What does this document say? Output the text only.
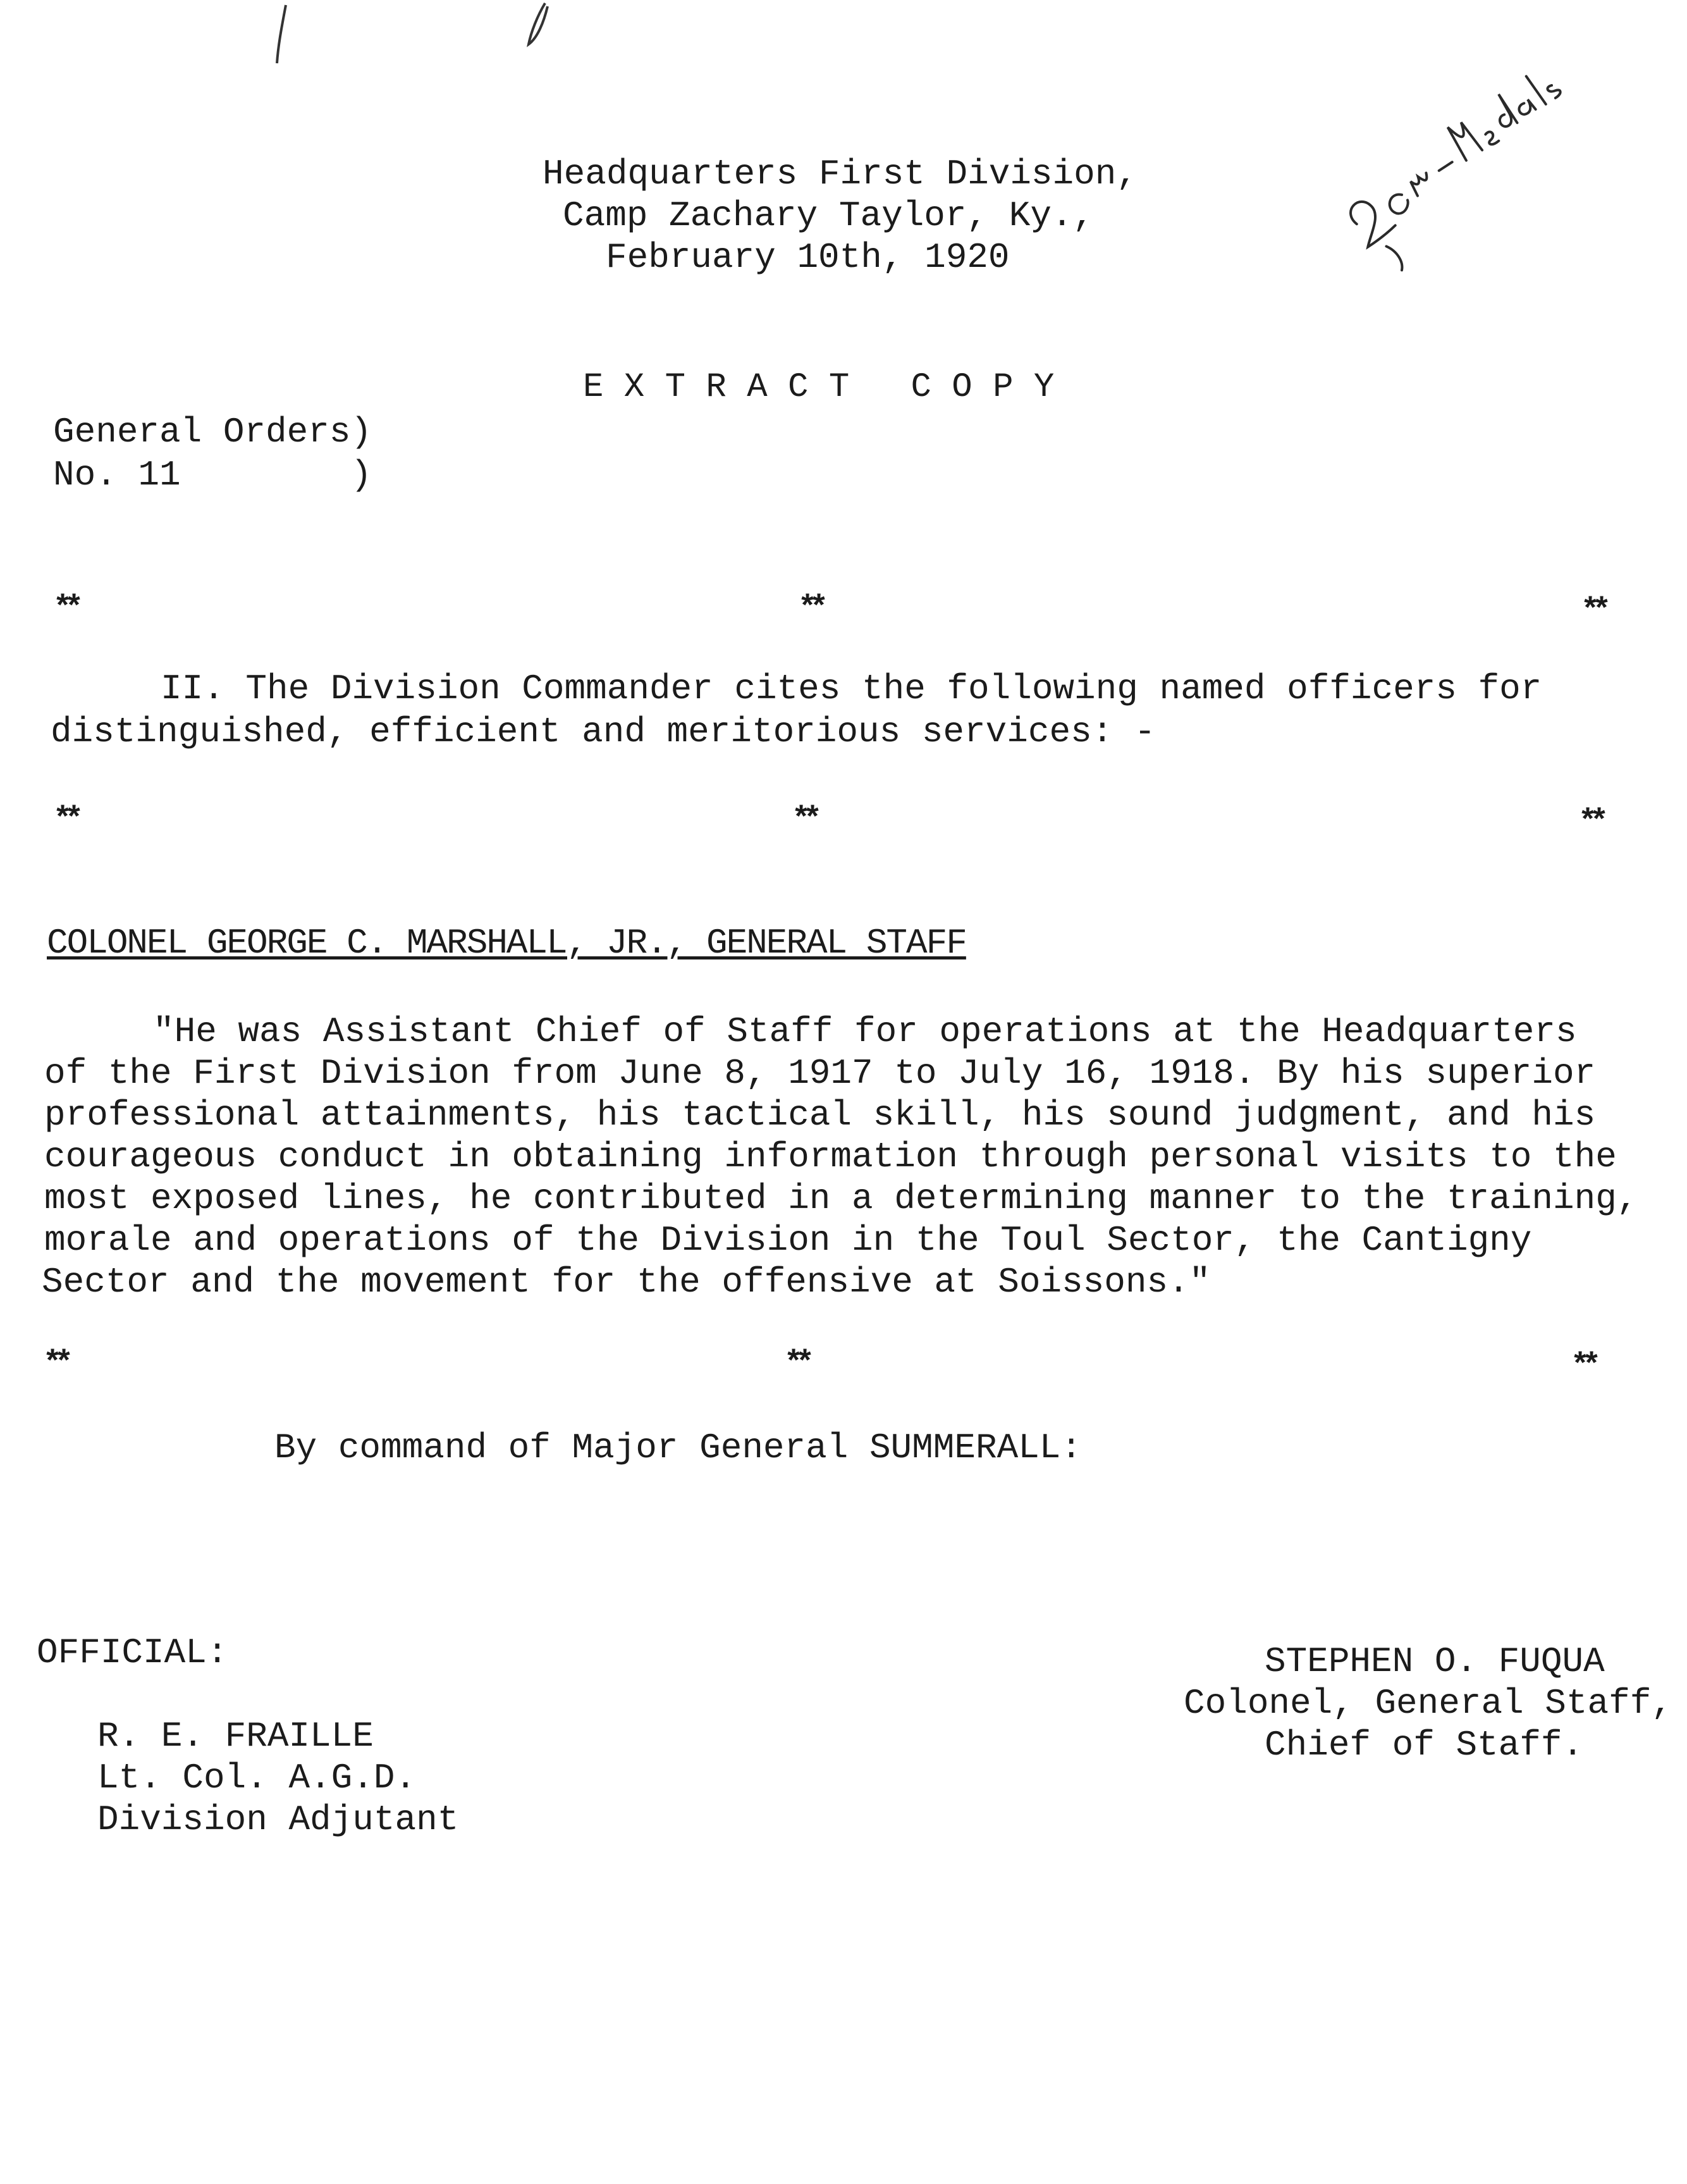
Headquarters First Division,
Camp Zachary Taylor, Ky.,
February 10th, 1920
E X T R A C T   C O P Y
General Orders)
No. 11        )
**	**	**
II. The Division Commander cites the following named officers for
distinguished, efficient and meritorious services: -
**	**	**
COLONEL GEORGE C. MARSHALL, JR., GENERAL STAFF
"He was Assistant Chief of Staff for operations at the Headquarters
of the First Division from June 8, 1917 to July 16, 1918. By his superior
professional attainments, his tactical skill, his sound judgment, and his
courageous conduct in obtaining information through personal visits to the
most exposed lines, he contributed in a determining manner to the training,
morale and operations of the Division in the Toul Sector, the Cantigny
Sector and the movement for the offensive at Soissons."
**	**	**
By command of Major General SUMMERALL:
OFFICIAL:
R. E. FRAILLE
Lt. Col. A.G.D.
Division Adjutant
STEPHEN O. FUQUA
Colonel, General Staff,
Chief of Staff.
